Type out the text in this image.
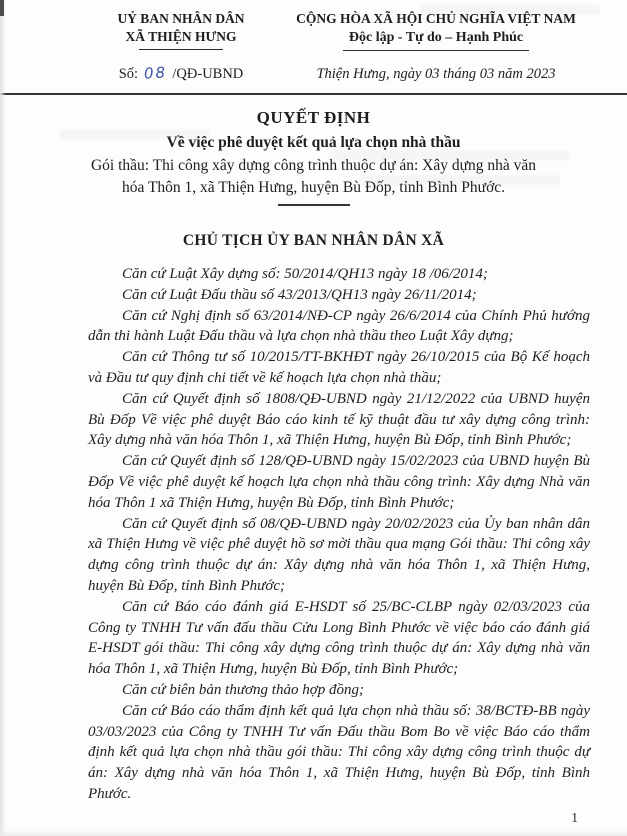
UỶ BAN NHÂN DÂN
XÃ THIỆN HƯNG
Số: 08 /QĐ-UBND
CỘNG HÒA XÃ HỘI CHỦ NGHĨA VIỆT NAM
Độc lập - Tự do – Hạnh Phúc
Thiện Hưng, ngày 03 tháng 03 năm 2023
QUYẾT ĐỊNH
Về việc phê duyệt kết quả lựa chọn nhà thầu
Gói thầu: Thi công xây dựng công trình thuộc dự án: Xây dựng nhà văn hóa Thôn 1, xã Thiện Hưng, huyện Bù Đốp, tỉnh Bình Phước.
CHỦ TỊCH ỦY BAN NHÂN DÂN XÃ

Căn cứ Luật Xây dựng số: 50/2014/QH13 ngày 18 /06/2014;

Căn cứ Luật Đấu thầu số 43/2013/QH13 ngày 26/11/2014;

Căn cứ Nghị định số 63/2014/NĐ-CP ngày 26/6/2014 của Chính Phủ hướng dẫn thi hành Luật Đấu thầu và lựa chọn nhà thầu theo Luật Xây dựng;

Căn cứ Thông tư số 10/2015/TT-BKHĐT ngày 26/10/2015 của Bộ Kế hoạch và Đầu tư quy định chi tiết về kế hoạch lựa chọn nhà thầu;

Căn cứ Quyết định số 1808/QĐ-UBND ngày 21/12/2022 của UBND huyện Bù Đốp Về việc phê duyệt Báo cáo kinh tế kỹ thuật đầu tư xây dựng công trình: Xây dựng nhà văn hóa Thôn 1, xã Thiện Hưng, huyện Bù Đốp, tỉnh Bình Phước;

Căn cứ Quyết định số 128/QĐ-UBND ngày 15/02/2023 của UBND huyện Bù Đốp Về việc phê duyệt kế hoạch lựa chọn nhà thầu công trình: Xây dựng Nhà văn hóa Thôn 1 xã Thiện Hưng, huyện Bù Đốp, tỉnh Bình Phước;

Căn cứ Quyết định số 08/QĐ-UBND ngày 20/02/2023 của Ủy ban nhân dân xã Thiện Hưng về việc phê duyệt hồ sơ mời thầu qua mạng Gói thầu: Thi công xây dựng công trình thuộc dự án: Xây dựng nhà văn hóa Thôn 1, xã Thiện Hưng, huyện Bù Đốp, tỉnh Bình Phước;

Căn cứ Báo cáo đánh giá E-HSDT số 25/BC-CLBP ngày 02/03/2023 của Công ty TNHH Tư vấn đấu thầu Cửu Long Bình Phước về việc báo cáo đánh giá E-HSDT gói thầu: Thi công xây dựng công trình thuộc dự án: Xây dựng nhà văn hóa Thôn 1, xã Thiện Hưng, huyện Bù Đốp, tỉnh Bình Phước;

Căn cứ biên bản thương thảo hợp đồng;

Căn cứ Báo cáo thẩm định kết quả lựa chọn nhà thầu số: 38/BCTĐ-BB ngày 03/03/2023 của Công ty TNHH Tư vấn Đấu thầu Bom Bo về việc Báo cáo thẩm định kết quả lựa chọn nhà thầu gói thầu: Thi công xây dựng công trình thuộc dự án: Xây dựng nhà văn hóa Thôn 1, xã Thiện Hưng, huyện Bù Đốp, tỉnh Bình Phước.

1
